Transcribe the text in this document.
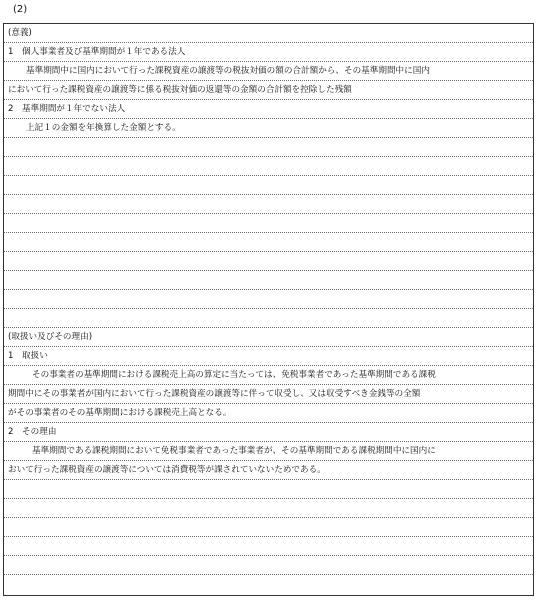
(2)
(意義)
1　個人事業者及び基準期間が１年である法人
基準期間中に国内において行った課税資産の譲渡等の税抜対価の額の合計額から、その基準期間中に国内
において行った課税資産の譲渡等に係る税抜対価の返還等の金額の合計額を控除した残額
2　基準期間が１年でない法人
上記１の金額を年換算した金額とする。
(取扱い及びその理由)
1　取扱い
その事業者の基準期間における課税売上高の算定に当たっては、免税事業者であった基準期間である課税
期間中にその事業者が国内において行った課税資産の譲渡等に伴って収受し、又は収受すべき金銭等の全額
がその事業者のその基準期間における課税売上高となる。
2　その理由
基準期間である課税期間において免税事業者であった事業者が、その基準期間である課税期間中に国内に
おいて行った課税資産の譲渡等については消費税等が課されていないためである。
